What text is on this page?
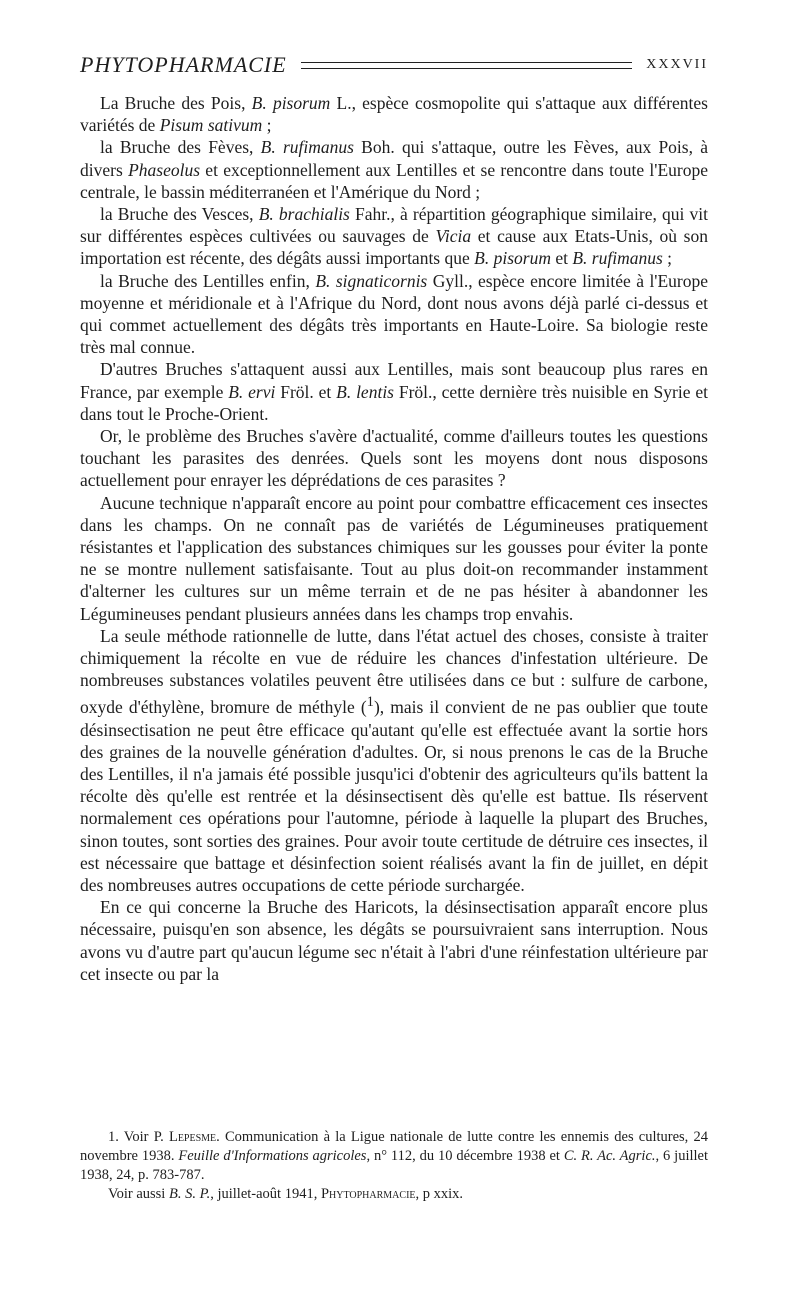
PHYTOPHARMACIE	XXXVII

La Bruche des Pois, B. pisorum L., espèce cosmopolite qui s'attaque aux différentes variétés de Pisum sativum ;

la Bruche des Fèves, B. rufimanus Boh. qui s'attaque, outre les Fèves, aux Pois, à divers Phaseolus et exceptionnellement aux Lentilles et se rencontre dans toute l'Europe centrale, le bassin méditerranéen et l'Amérique du Nord ;

la Bruche des Vesces, B. brachialis Fahr., à répartition géographique similaire, qui vit sur différentes espèces cultivées ou sauvages de Vicia et cause aux Etats-Unis, où son importation est récente, des dégâts aussi importants que B. pisorum et B. rufimanus ;

la Bruche des Lentilles enfin, B. signaticornis Gyll., espèce encore limitée à l'Europe moyenne et méridionale et à l'Afrique du Nord, dont nous avons déjà parlé ci-dessus et qui commet actuellement des dégâts très importants en Haute-Loire. Sa biologie reste très mal connue.

D'autres Bruches s'attaquent aussi aux Lentilles, mais sont beaucoup plus rares en France, par exemple B. ervi Fröl. et B. lentis Fröl., cette dernière très nuisible en Syrie et dans tout le Proche-Orient.

Or, le problème des Bruches s'avère d'actualité, comme d'ailleurs toutes les questions touchant les parasites des denrées. Quels sont les moyens dont nous disposons actuellement pour enrayer les déprédations de ces parasites ?

Aucune technique n'apparaît encore au point pour combattre efficacement ces insectes dans les champs. On ne connaît pas de variétés de Légumineuses pratiquement résistantes et l'application des substances chimiques sur les gousses pour éviter la ponte ne se montre nullement satisfaisante. Tout au plus doit-on recommander instamment d'alterner les cultures sur un même terrain et de ne pas hésiter à abandonner les Légumineuses pendant plusieurs années dans les champs trop envahis.

La seule méthode rationnelle de lutte, dans l'état actuel des choses, consiste à traiter chimiquement la récolte en vue de réduire les chances d'infestation ultérieure. De nombreuses substances volatiles peuvent être utilisées dans ce but : sulfure de carbone, oxyde d'éthylène, bromure de méthyle ($^1$), mais il convient de ne pas oublier que toute désinsectisation ne peut être efficace qu'autant qu'elle est effectuée avant la sortie hors des graines de la nouvelle génération d'adultes. Or, si nous prenons le cas de la Bruche des Lentilles, il n'a jamais été possible jusqu'ici d'obtenir des agriculteurs qu'ils battent la récolte dès qu'elle est rentrée et la désinsectisent dès qu'elle est battue. Ils réservent normalement ces opérations pour l'automne, période à laquelle la plupart des Bruches, sinon toutes, sont sorties des graines. Pour avoir toute certitude de détruire ces insectes, il est nécessaire que battage et désinfection soient réalisés avant la fin de juillet, en dépit des nombreuses autres occupations de cette période surchargée.

En ce qui concerne la Bruche des Haricots, la désinsectisation apparaît encore plus nécessaire, puisqu'en son absence, les dégâts se poursuivraient sans interruption. Nous avons vu d'autre part qu'aucun légume sec n'était à l'abri d'une réinfestation ultérieure par cet insecte ou par la

1. Voir P. Lepesme. Communication à la Ligue nationale de lutte contre les ennemis des cultures, 24 novembre 1938. Feuille d'Informations agricoles, n° 112, du 10 décembre 1938 et C. R. Ac. Agric., 6 juillet 1938, 24, p. 783-787.

Voir aussi B. S. P., juillet-août 1941, Phytopharmacie, p xxix.
